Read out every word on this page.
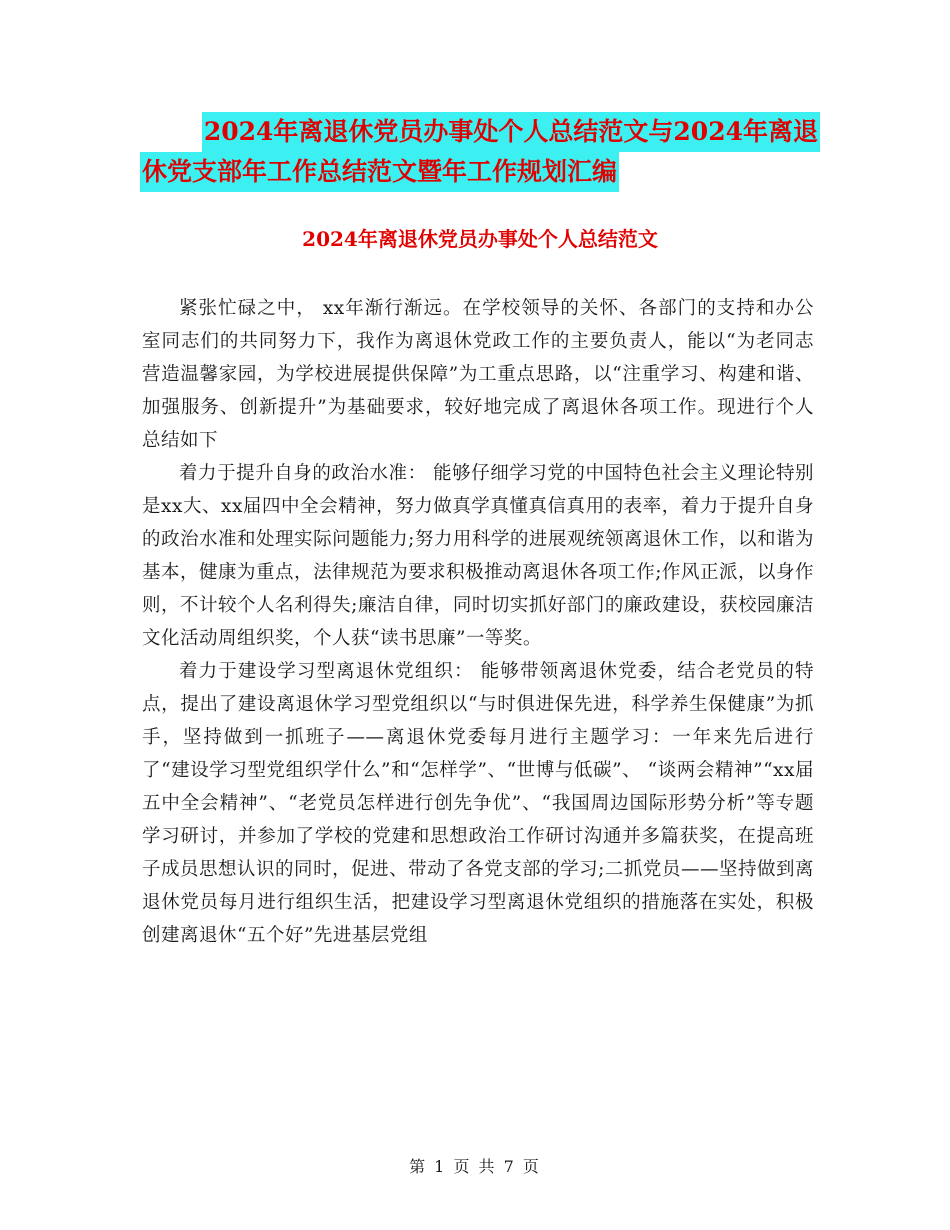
2024年离退休党员办事处个人总结范文与2024年离退
休党支部年工作总结范文暨年工作规划汇编
2024年离退休党员办事处个人总结范文

紧张忙碌之中， xx年渐行渐远。在学校领导的关怀、各部门的支持和办公室同志们的共同努力下，我作为离退休党政工作的主要负责人，能以“为老同志营造温馨家园，为学校进展提供保障”为工重点思路，以“注重学习、构建和谐、加强服务、创新提升”为基础要求，较好地完成了离退休各项工作。现进行个人总结如下

着力于提升自身的政治水准： 能够仔细学习党的中国特色社会主义理论特别是xx大、xx届四中全会精神，努力做真学真懂真信真用的表率，着力于提升自身的政治水准和处理实际问题能力;努力用科学的进展观统领离退休工作，以和谐为基本，健康为重点，法律规范为要求积极推动离退休各项工作;作风正派，以身作则，不计较个人名利得失;廉洁自律，同时切实抓好部门的廉政建设，获校园廉洁文化活动周组织奖，个人获“读书思廉”一等奖。

着力于建设学习型离退休党组织： 能够带领离退休党委，结合老党员的特点，提出了建设离退休学习型党组织以“与时俱进保先进，科学养生保健康”为抓手，坚持做到一抓班子——离退休党委每月进行主题学习：一年来先后进行了“建设学习型党组织学什么”和“怎样学”、“世博与低碳”、 “谈两会精神”“xx届五中全会精神”、“老党员怎样进行创先争优”、“我国周边国际形势分析”等专题学习研讨，并参加了学校的党建和思想政治工作研讨沟通并多篇获奖，在提高班子成员思想认识的同时，促进、带动了各党支部的学习;二抓党员——坚持做到离退休党员每月进行组织生活，把建设学习型离退休党组织的措施落在实处，积极创建离退休“五个好”先进基层党组

第 1 页 共 7 页
